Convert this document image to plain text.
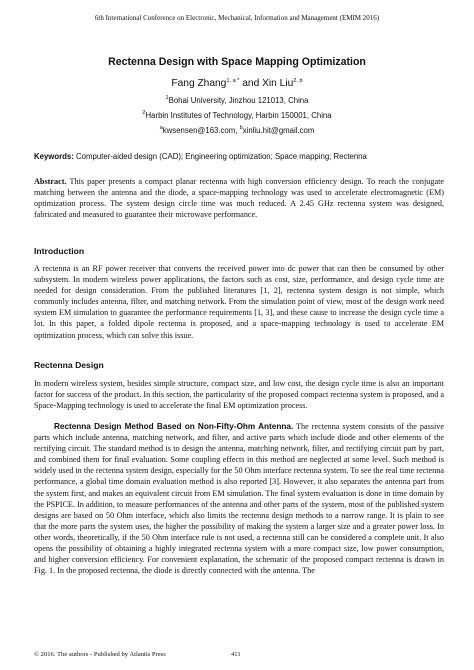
6th International Conference on Electronic, Mechanical, Information and Management (EMIM 2016)
Rectenna Design with Space Mapping Optimization
Fang Zhang$^{1, a *}$ and Xin Liu$^{2, b}$
$^1$Bohai University, Jinzhou 121013, China
$^2$Harbin Institutes of Technology, Harbin 150001, China
$^a$kwsensen@163.com, $^b$xinliu.hit@gmail.com
Keywords: Computer-aided design (CAD); Engineering optimization; Space mapping; Rectenna
Abstract. This paper presents a compact planar rectenna with high conversion efficiency design. To reach the conjugate matching between the antenna and the diode, a space-mapping technology was used to accelerate electromagnetic (EM) optimization process. The system design circle time was much reduced. A 2.45 GHz rectenna system was designed, fabricated and measured to guarantee their microwave performance.
Introduction
A rectenna is an RF power receiver that converts the received power into dc power that can then be consumed by other subsystem. In modern wireless power applications, the factors such as cost, size, performance, and design cycle time are needed for design consideration. From the published literatures [1, 2], rectenna system design is not simple, which commonly includes antenna, filter, and matching network. From the simulation point of view, most of the design work need system EM simulation to guarantee the performance requirements [1, 3], and these cause to increase the design cycle time a lot. In this paper, a folded dipole rectenna is proposed, and a space-mapping technology is used to accelerate EM optimization process, which can solve this issue.
Rectenna Design
In modern wireless system, besides simple structure, compact size, and low cost, the design cycle time is also an important factor for success of the product. In this section, the particularity of the proposed compact rectenna system is proposed, and a Space-Mapping technology is used to accelerate the final EM optimization process.
Rectenna Design Method Based on Non-Fifty-Ohm Antenna. The rectenna system consists of the passive parts which include antenna, matching network, and filter, and active parts which include diode and other elements of the rectifying circuit. The standard method is to design the antenna, matching network, filter, and rectifying circuit part by part, and combined them for final evaluation. Some coupling effects in this method are neglected at some level. Such method is widely used in the rectenna system design, especially for the 50 Ohm interface rectenna system. To see the real time rectenna performance, a global time domain evaluation method is also reported [3]. However, it also separates the antenna part from the system first, and makes an equivalent circuit from EM simulation. The final system evaluation is done in time domain by the PSPICE. In addition, to measure performances of the antenna and other parts of the system, most of the published system designs are based on 50 Ohm interface, which also limits the rectenna design methods to a narrow range. It is plain to see that the more parts the system uses, the higher the possibility of making the system a larger size and a greater power loss. In other words, theoretically, if the 50 Ohm interface rule is not used, a rectenna still can be considered a complete unit. It also opens the possibility of obtaining a highly integrated rectenna system with a more compact size, low power consumption, and higher conversion efficiency. For convenient explanation, the schematic of the proposed compact rectenna is drawn in Fig. 1. In the proposed rectenna, the diode is directly connected with the antenna. The
© 2016. The authors - Published by Atlantis Press	411
